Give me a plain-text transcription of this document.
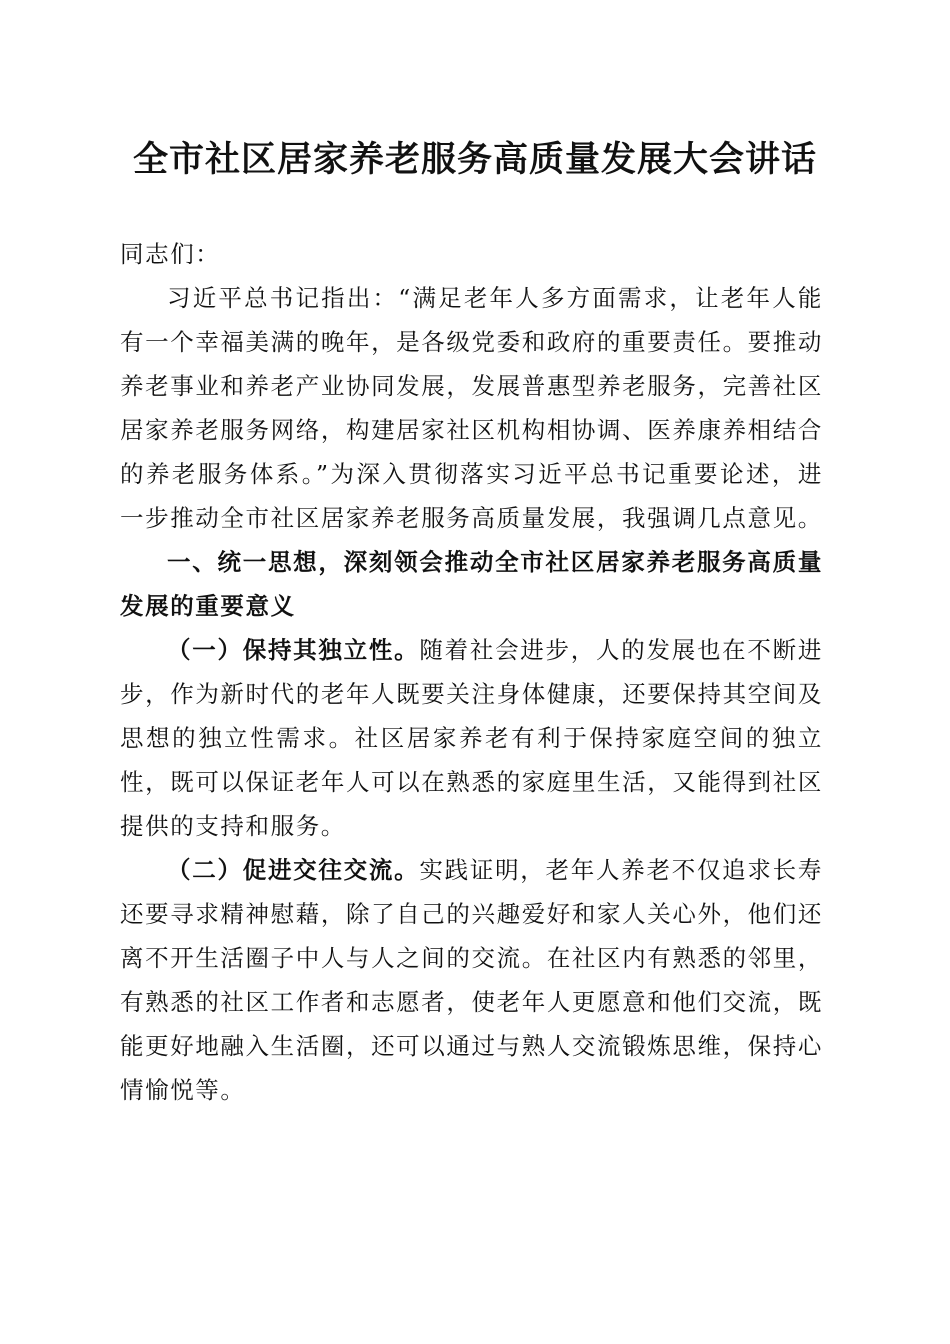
全市社区居家养老服务高质量发展大会讲话

同志们：

习近平总书记指出：“满足老年人多方面需求，让老年人能有一个幸福美满的晚年，是各级党委和政府的重要责任。要推动养老事业和养老产业协同发展，发展普惠型养老服务，完善社区居家养老服务网络，构建居家社区机构相协调、医养康养相结合的养老服务体系。”为深入贯彻落实习近平总书记重要论述，进一步推动全市社区居家养老服务高质量发展，我强调几点意见。

一、统一思想，深刻领会推动全市社区居家养老服务高质量发展的重要意义

（一）保持其独立性。随着社会进步，人的发展也在不断进步，作为新时代的老年人既要关注身体健康，还要保持其空间及思想的独立性需求。社区居家养老有利于保持家庭空间的独立性，既可以保证老年人可以在熟悉的家庭里生活，又能得到社区提供的支持和服务。

（二）促进交往交流。实践证明，老年人养老不仅追求长寿还要寻求精神慰藉，除了自己的兴趣爱好和家人关心外，他们还离不开生活圈子中人与人之间的交流。在社区内有熟悉的邻里，有熟悉的社区工作者和志愿者，使老年人更愿意和他们交流，既能更好地融入生活圈，还可以通过与熟人交流锻炼思维，保持心情愉悦等。
